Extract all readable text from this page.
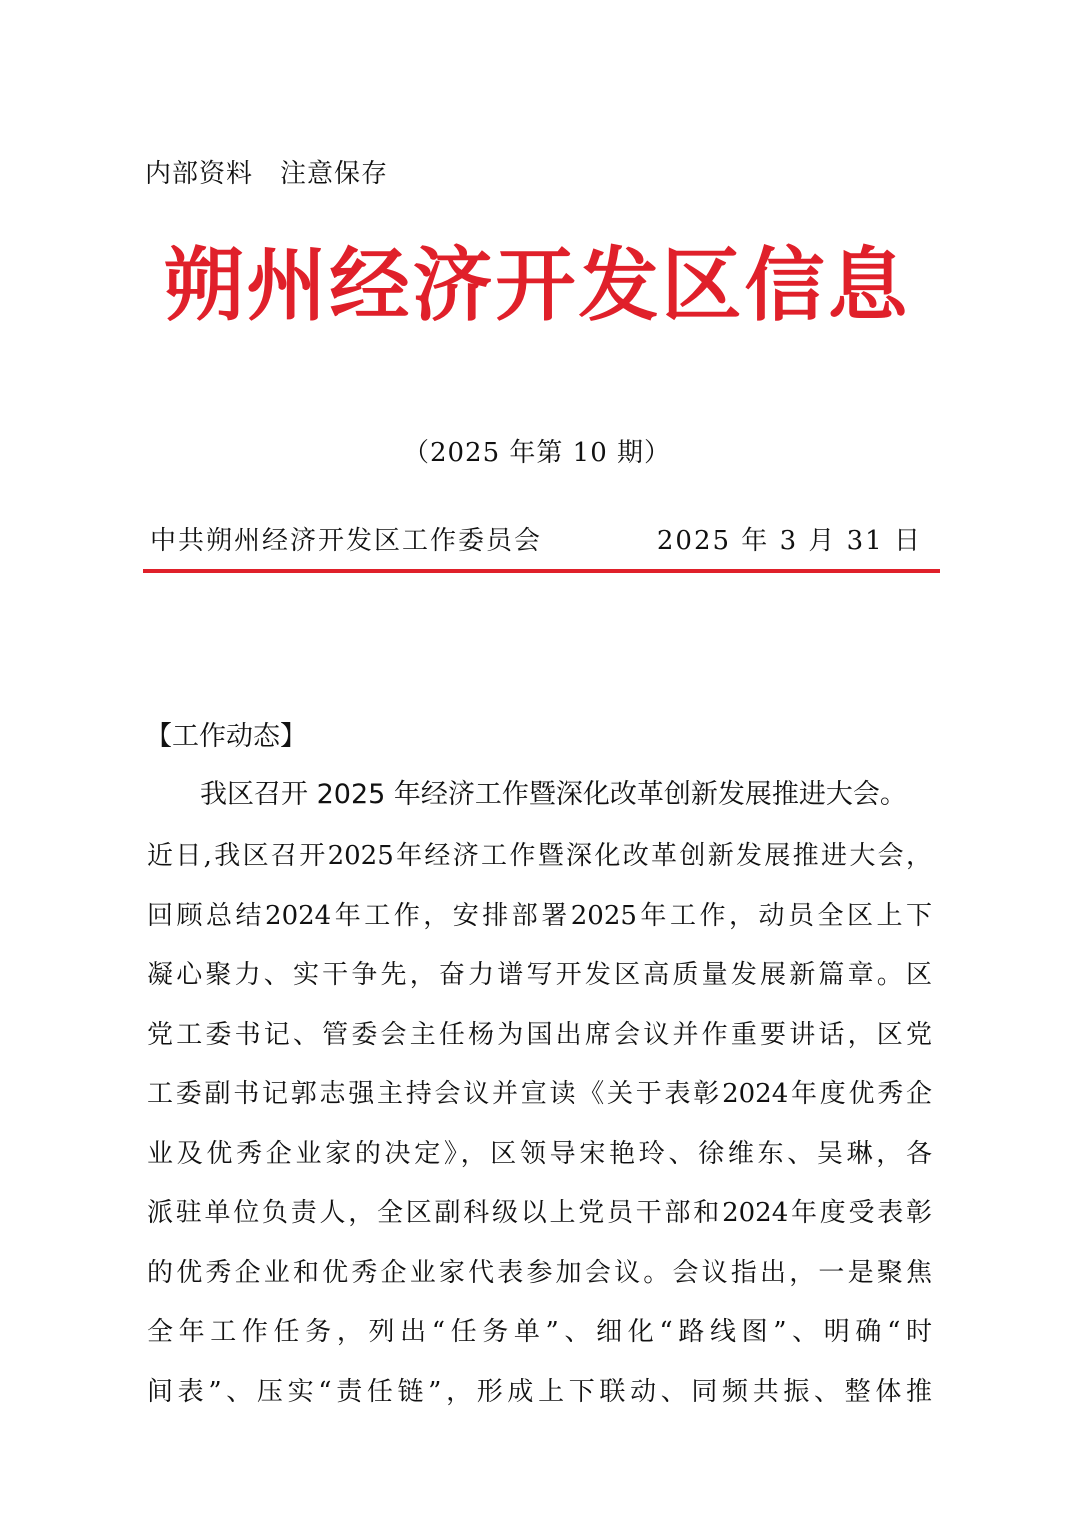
内部资料　注意保存
朔州经济开发区信息
（2025 年第 10 期）
中共朔州经济开发区工作委员会	2025 年 3 月 31 日
【工作动态】
我区召开 2025 年经济工作暨深化改革创新发展推进大会。
近日,我区召开2025年经济工作暨深化改革创新发展推进大会，
回顾总结2024年工作，安排部署2025年工作，动员全区上下
凝心聚力、实干争先，奋力谱写开发区高质量发展新篇章。区
党工委书记、管委会主任杨为国出席会议并作重要讲话，区党
工委副书记郭志强主持会议并宣读《关于表彰2024年度优秀企
业及优秀企业家的决定》，区领导宋艳玲、徐维东、吴琳，各
派驻单位负责人，全区副科级以上党员干部和2024年度受表彰
的优秀企业和优秀企业家代表参加会议。会议指出，一是聚焦
全年工作任务，列出“任务单”、细化“路线图”、明确“时
间表”、压实“责任链”，形成上下联动、同频共振、整体推
